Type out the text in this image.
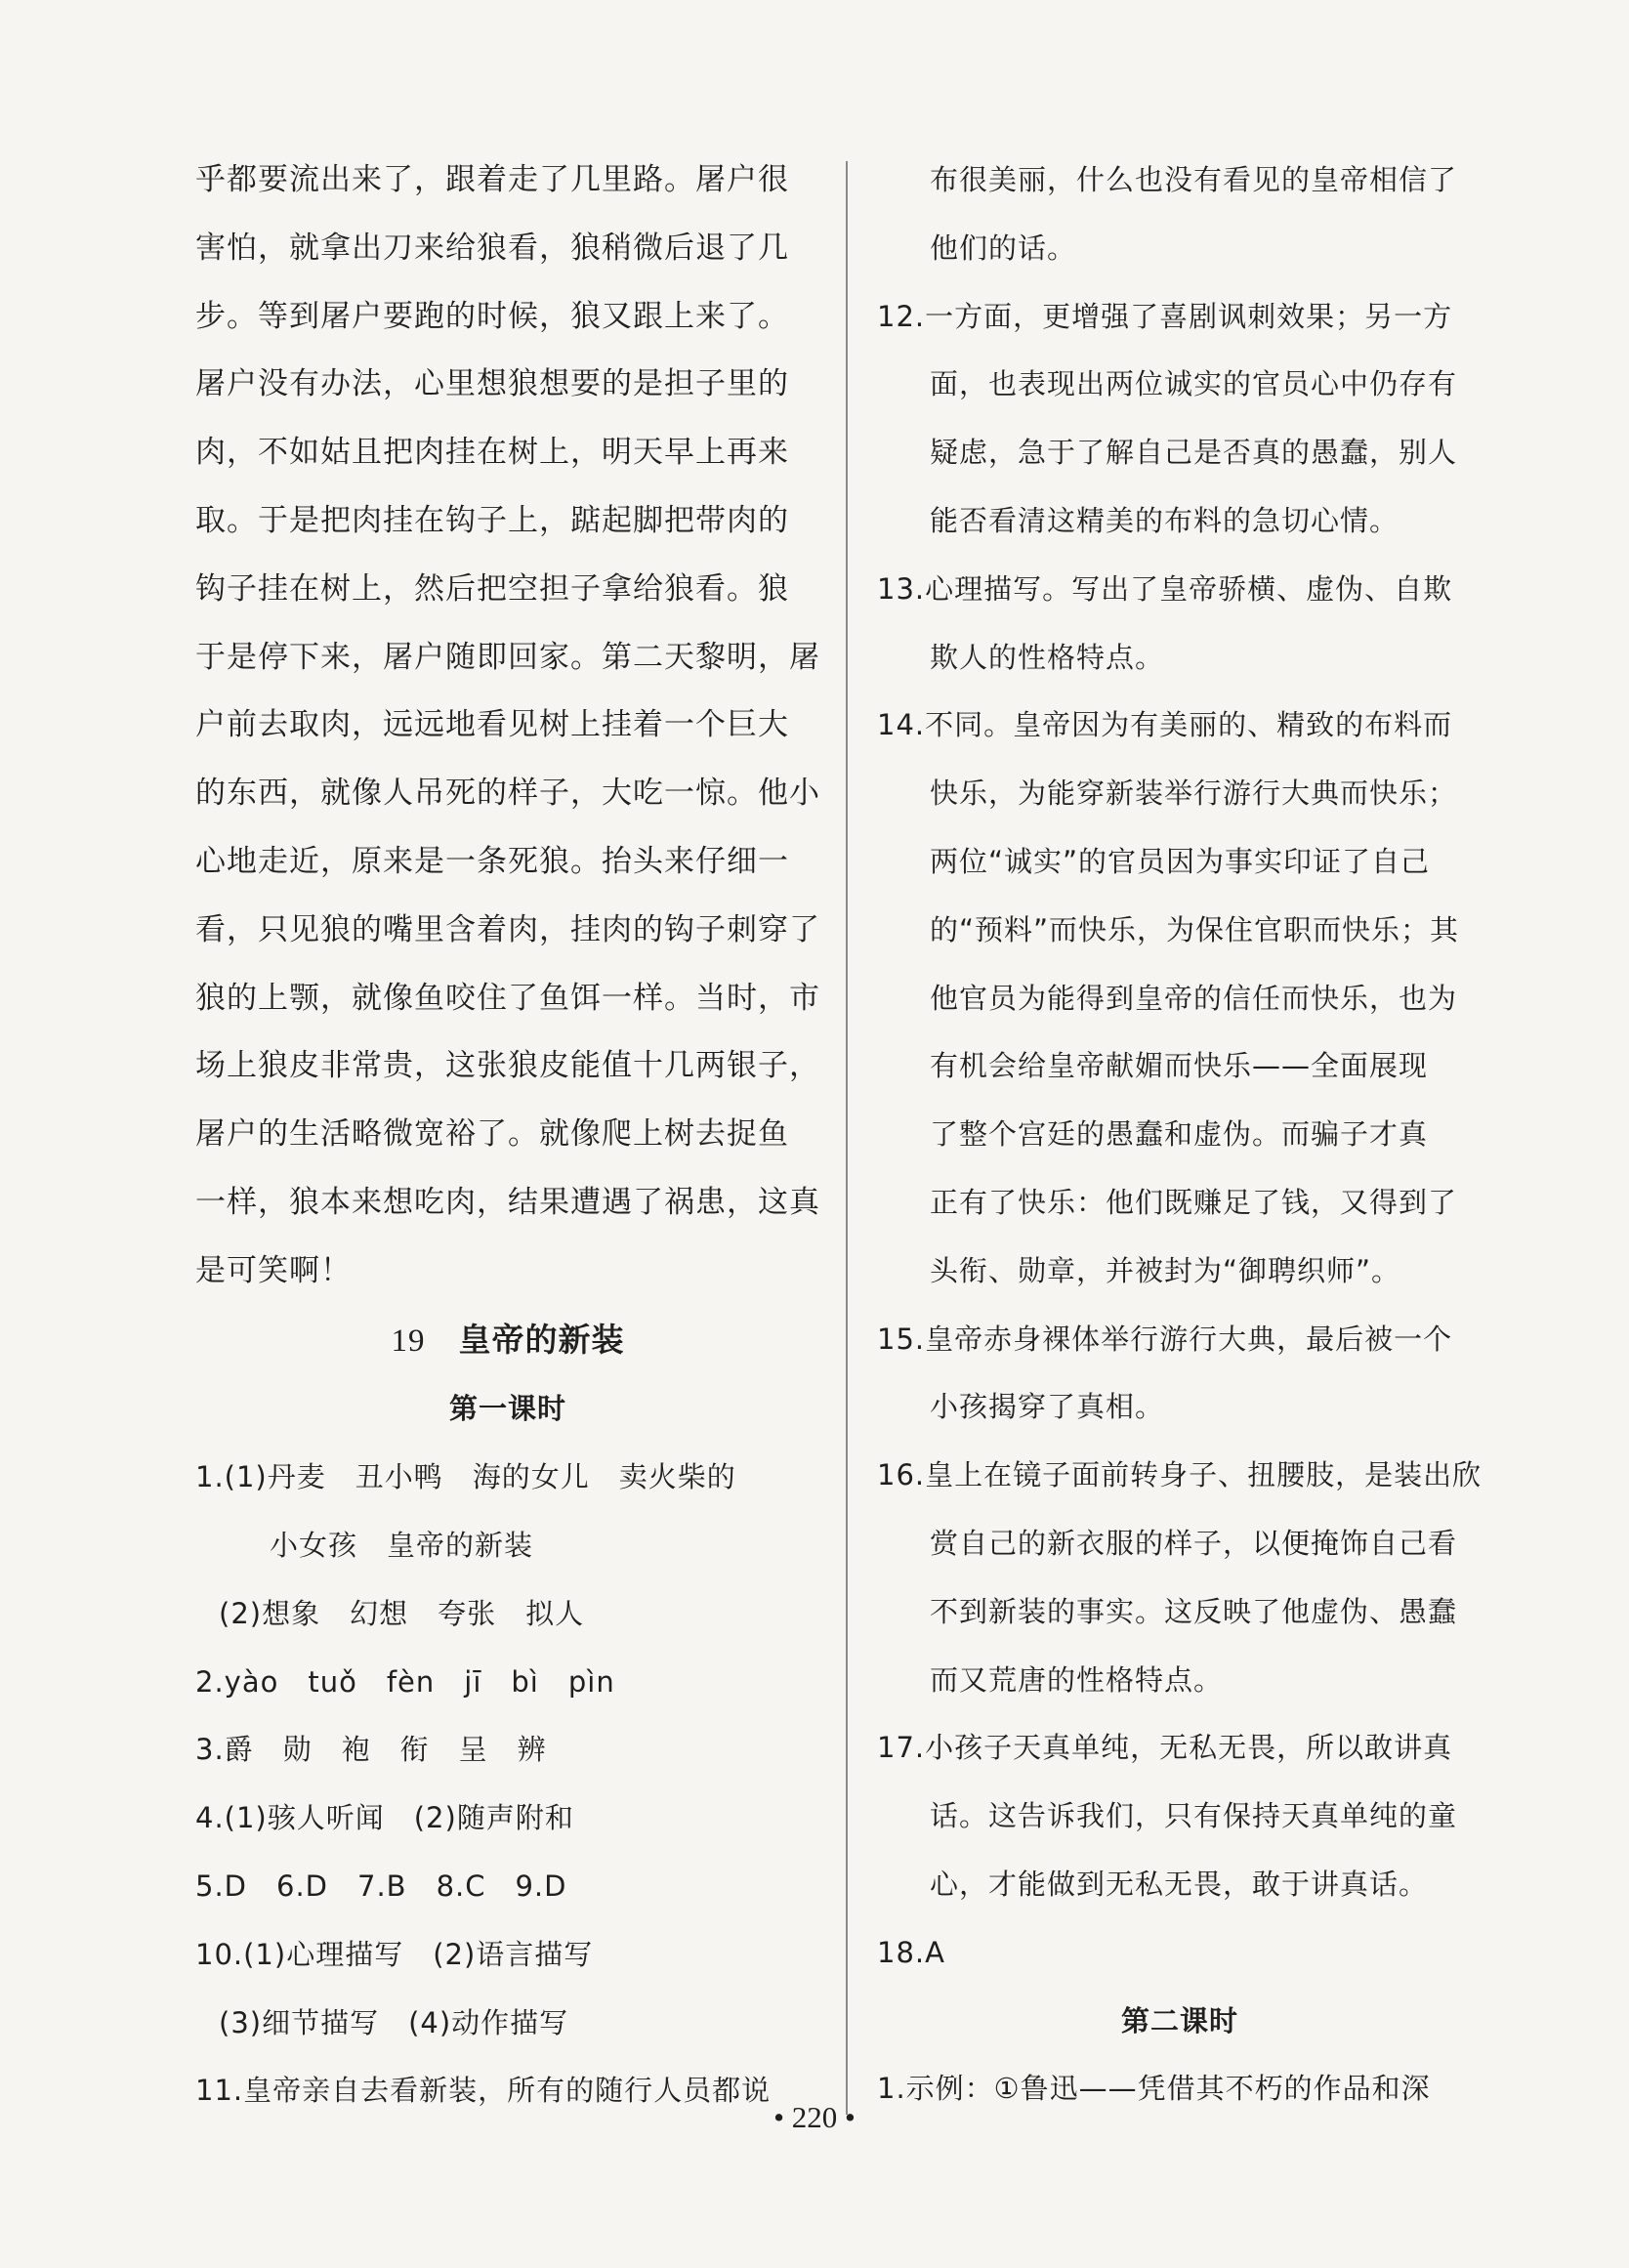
乎都要流出来了，跟着走了几里路。屠户很

害怕，就拿出刀来给狼看，狼稍微后退了几

步。等到屠户要跑的时候，狼又跟上来了。

屠户没有办法，心里想狼想要的是担子里的

肉，不如姑且把肉挂在树上，明天早上再来

取。于是把肉挂在钩子上，踮起脚把带肉的

钩子挂在树上，然后把空担子拿给狼看。狼

于是停下来，屠户随即回家。第二天黎明，屠

户前去取肉，远远地看见树上挂着一个巨大

的东西，就像人吊死的样子，大吃一惊。他小

心地走近，原来是一条死狼。抬头来仔细一

看，只见狼的嘴里含着肉，挂肉的钩子刺穿了

狼的上颚，就像鱼咬住了鱼饵一样。当时，市

场上狼皮非常贵，这张狼皮能值十几两银子，

屠户的生活略微宽裕了。就像爬上树去捉鱼

一样，狼本来想吃肉，结果遭遇了祸患，这真

是可笑啊！

19 皇帝的新装

第一课时

1.(1)丹麦　丑小鸭　海的女儿　卖火柴的

小女孩　皇帝的新装

(2)想象　幻想　夸张　拟人

2.yào　tuǒ　fèn　jī　bì　pìn

3.爵　勋　袍　衔　呈　辨

4.(1)骇人听闻　(2)随声附和

5.D　6.D　7.B　8.C　9.D

10.(1)心理描写　(2)语言描写

(3)细节描写　(4)动作描写

11.皇帝亲自去看新装，所有的随行人员都说

布很美丽，什么也没有看见的皇帝相信了

他们的话。

12.一方面，更增强了喜剧讽刺效果；另一方

面，也表现出两位诚实的官员心中仍存有

疑虑，急于了解自己是否真的愚蠢，别人

能否看清这精美的布料的急切心情。

13.心理描写。写出了皇帝骄横、虚伪、自欺

欺人的性格特点。

14.不同。皇帝因为有美丽的、精致的布料而

快乐，为能穿新装举行游行大典而快乐；

两位“诚实”的官员因为事实印证了自己

的“预料”而快乐，为保住官职而快乐；其

他官员为能得到皇帝的信任而快乐，也为

有机会给皇帝献媚而快乐——全面展现

了整个宫廷的愚蠢和虚伪。而骗子才真

正有了快乐：他们既赚足了钱，又得到了

头衔、勋章，并被封为“御聘织师”。

15.皇帝赤身裸体举行游行大典，最后被一个

小孩揭穿了真相。

16.皇上在镜子面前转身子、扭腰肢，是装出欣

赏自己的新衣服的样子，以便掩饰自己看

不到新装的事实。这反映了他虚伪、愚蠢

而又荒唐的性格特点。

17.小孩子天真单纯，无私无畏，所以敢讲真

话。这告诉我们，只有保持天真单纯的童

心，才能做到无私无畏，敢于讲真话。

18.A

第二课时

1.示例：①鲁迅——凭借其不朽的作品和深

• 220 •
